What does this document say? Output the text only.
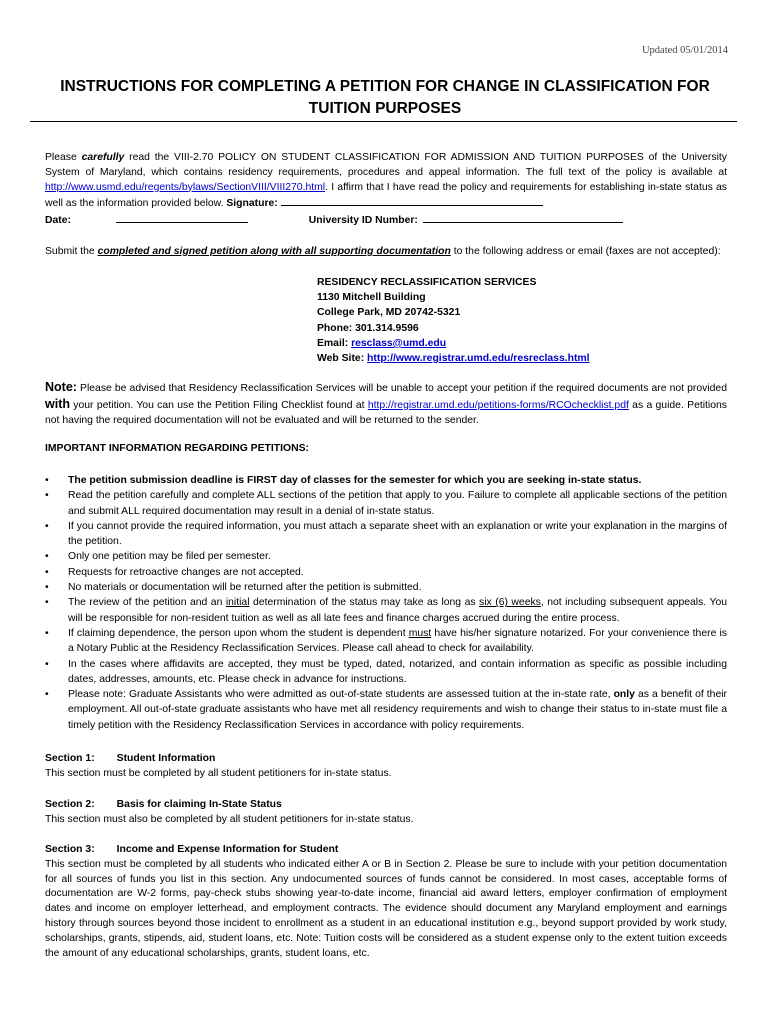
Updated 05/01/2014
INSTRUCTIONS FOR COMPLETING A PETITION FOR CHANGE IN CLASSIFICATION FOR TUITION PURPOSES
Please carefully read the VIII-2.70 POLICY ON STUDENT CLASSIFICATION FOR ADMISSION AND TUITION PURPOSES of the University System of Maryland, which contains residency requirements, procedures and appeal information. The full text of the policy is available at http://www.usmd.edu/regents/bylaws/SectionVIII/VIII270.html. I affirm that I have read the policy and requirements for establishing in-state status as well as the information provided below. Signature:
Date:	University ID Number:
Submit the completed and signed petition along with all supporting documentation to the following address or email (faxes are not accepted):
RESIDENCY RECLASSIFICATION SERVICES
1130 Mitchell Building
College Park, MD 20742-5321
Phone: 301.314.9596
Email: resclass@umd.edu
Web Site: http://www.registrar.umd.edu/resreclass.html
Note: Please be advised that Residency Reclassification Services will be unable to accept your petition if the required documents are not provided with your petition. You can use the Petition Filing Checklist found at http://registrar.umd.edu/petitions-forms/RCOchecklist.pdf as a guide. Petitions not having the required documentation will not be evaluated and will be returned to the sender.
IMPORTANT INFORMATION REGARDING PETITIONS:
• The petition submission deadline is FIRST day of classes for the semester for which you are seeking in-state status.
• Read the petition carefully and complete ALL sections of the petition that apply to you. Failure to complete all applicable sections of the petition and submit ALL required documentation may result in a denial of in-state status.
• If you cannot provide the required information, you must attach a separate sheet with an explanation or write your explanation in the margins of the petition.
• Only one petition may be filed per semester.
• Requests for retroactive changes are not accepted.
• No materials or documentation will be returned after the petition is submitted.
• The review of the petition and an initial determination of the status may take as long as six (6) weeks, not including subsequent appeals. You will be responsible for non-resident tuition as well as all late fees and finance charges accrued during the entire process.
• If claiming dependence, the person upon whom the student is dependent must have his/her signature notarized. For your convenience there is a Notary Public at the Residency Reclassification Services. Please call ahead to check for availability.
• In the cases where affidavits are accepted, they must be typed, dated, notarized, and contain information as specific as possible including dates, addresses, amounts, etc. Please check in advance for instructions.
• Please note: Graduate Assistants who were admitted as out-of-state students are assessed tuition at the in-state rate, only as a benefit of their employment. All out-of-state graduate assistants who have met all residency requirements and wish to change their status to in-state must file a timely petition with the Residency Reclassification Services in accordance with policy requirements.
Section 1: Student Information
This section must be completed by all student petitioners for in-state status.
Section 2: Basis for claiming In-State Status
This section must also be completed by all student petitioners for in-state status.
Section 3: Income and Expense Information for Student
This section must be completed by all students who indicated either A or B in Section 2. Please be sure to include with your petition documentation for all sources of funds you list in this section. Any undocumented sources of funds cannot be considered. In most cases, acceptable forms of documentation are W-2 forms, pay-check stubs showing year-to-date income, financial aid award letters, employer confirmation of employment dates and income on employer letterhead, and employment contracts. The evidence should document any Maryland employment and earnings history through sources beyond those incident to enrollment as a student in an educational institution e.g., beyond support provided by work study, scholarships, grants, stipends, aid, student loans, etc. Note: Tuition costs will be considered as a student expense only to the extent tuition exceeds the amount of any educational scholarships, grants, student loans, etc.
